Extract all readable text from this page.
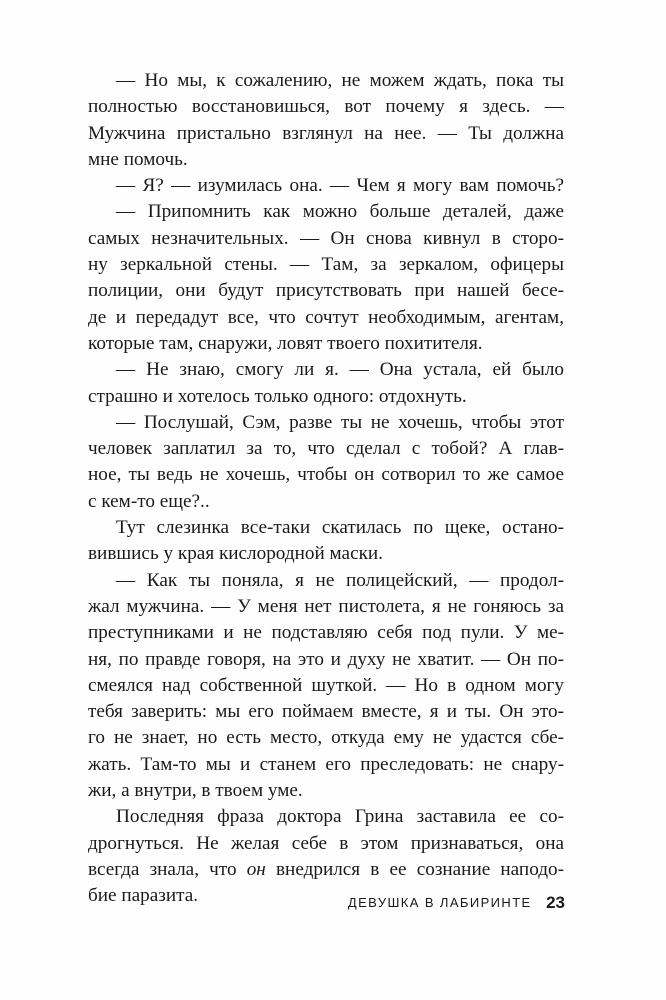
— Но мы, к сожалению, не можем ждать, пока ты
полностью восстановишься, вот почему я здесь. —
Мужчина пристально взглянул на нее. — Ты должна
мне помочь.
— Я? — изумилась она. — Чем я могу вам помочь?
— Припомнить как можно больше деталей, даже
самых незначительных. — Он снова кивнул в сторо-
ну зеркальной стены. — Там, за зеркалом, офицеры
полиции, они будут присутствовать при нашей бесе-
де и передадут все, что сочтут необходимым, агентам,
которые там, снаружи, ловят твоего похитителя.
— Не знаю, смогу ли я. — Она устала, ей было
страшно и хотелось только одного: отдохнуть.
— Послушай, Сэм, разве ты не хочешь, чтобы этот
человек заплатил за то, что сделал с тобой? А глав-
ное, ты ведь не хочешь, чтобы он сотворил то же самое
с кем-то еще?..
Тут слезинка все-таки скатилась по щеке, остано-
вившись у края кислородной маски.
— Как ты поняла, я не полицейский, — продол-
жал мужчина. — У меня нет пистолета, я не гоняюсь за
преступниками и не подставляю себя под пули. У ме-
ня, по правде говоря, на это и духу не хватит. — Он по-
смеялся над собственной шуткой. — Но в одном могу
тебя заверить: мы его поймаем вместе, я и ты. Он это-
го не знает, но есть место, откуда ему не удастся сбе-
жать. Там-то мы и станем его преследовать: не снару-
жи, а внутри, в твоем уме.
Последняя фраза доктора Грина заставила ее со-
дрогнуться. Не желая себе в этом признаваться, она
всегда знала, что он внедрился в ее сознание наподо-
бие паразита.	ДЕВУШКА В ЛАБИРИНТЕ 23
